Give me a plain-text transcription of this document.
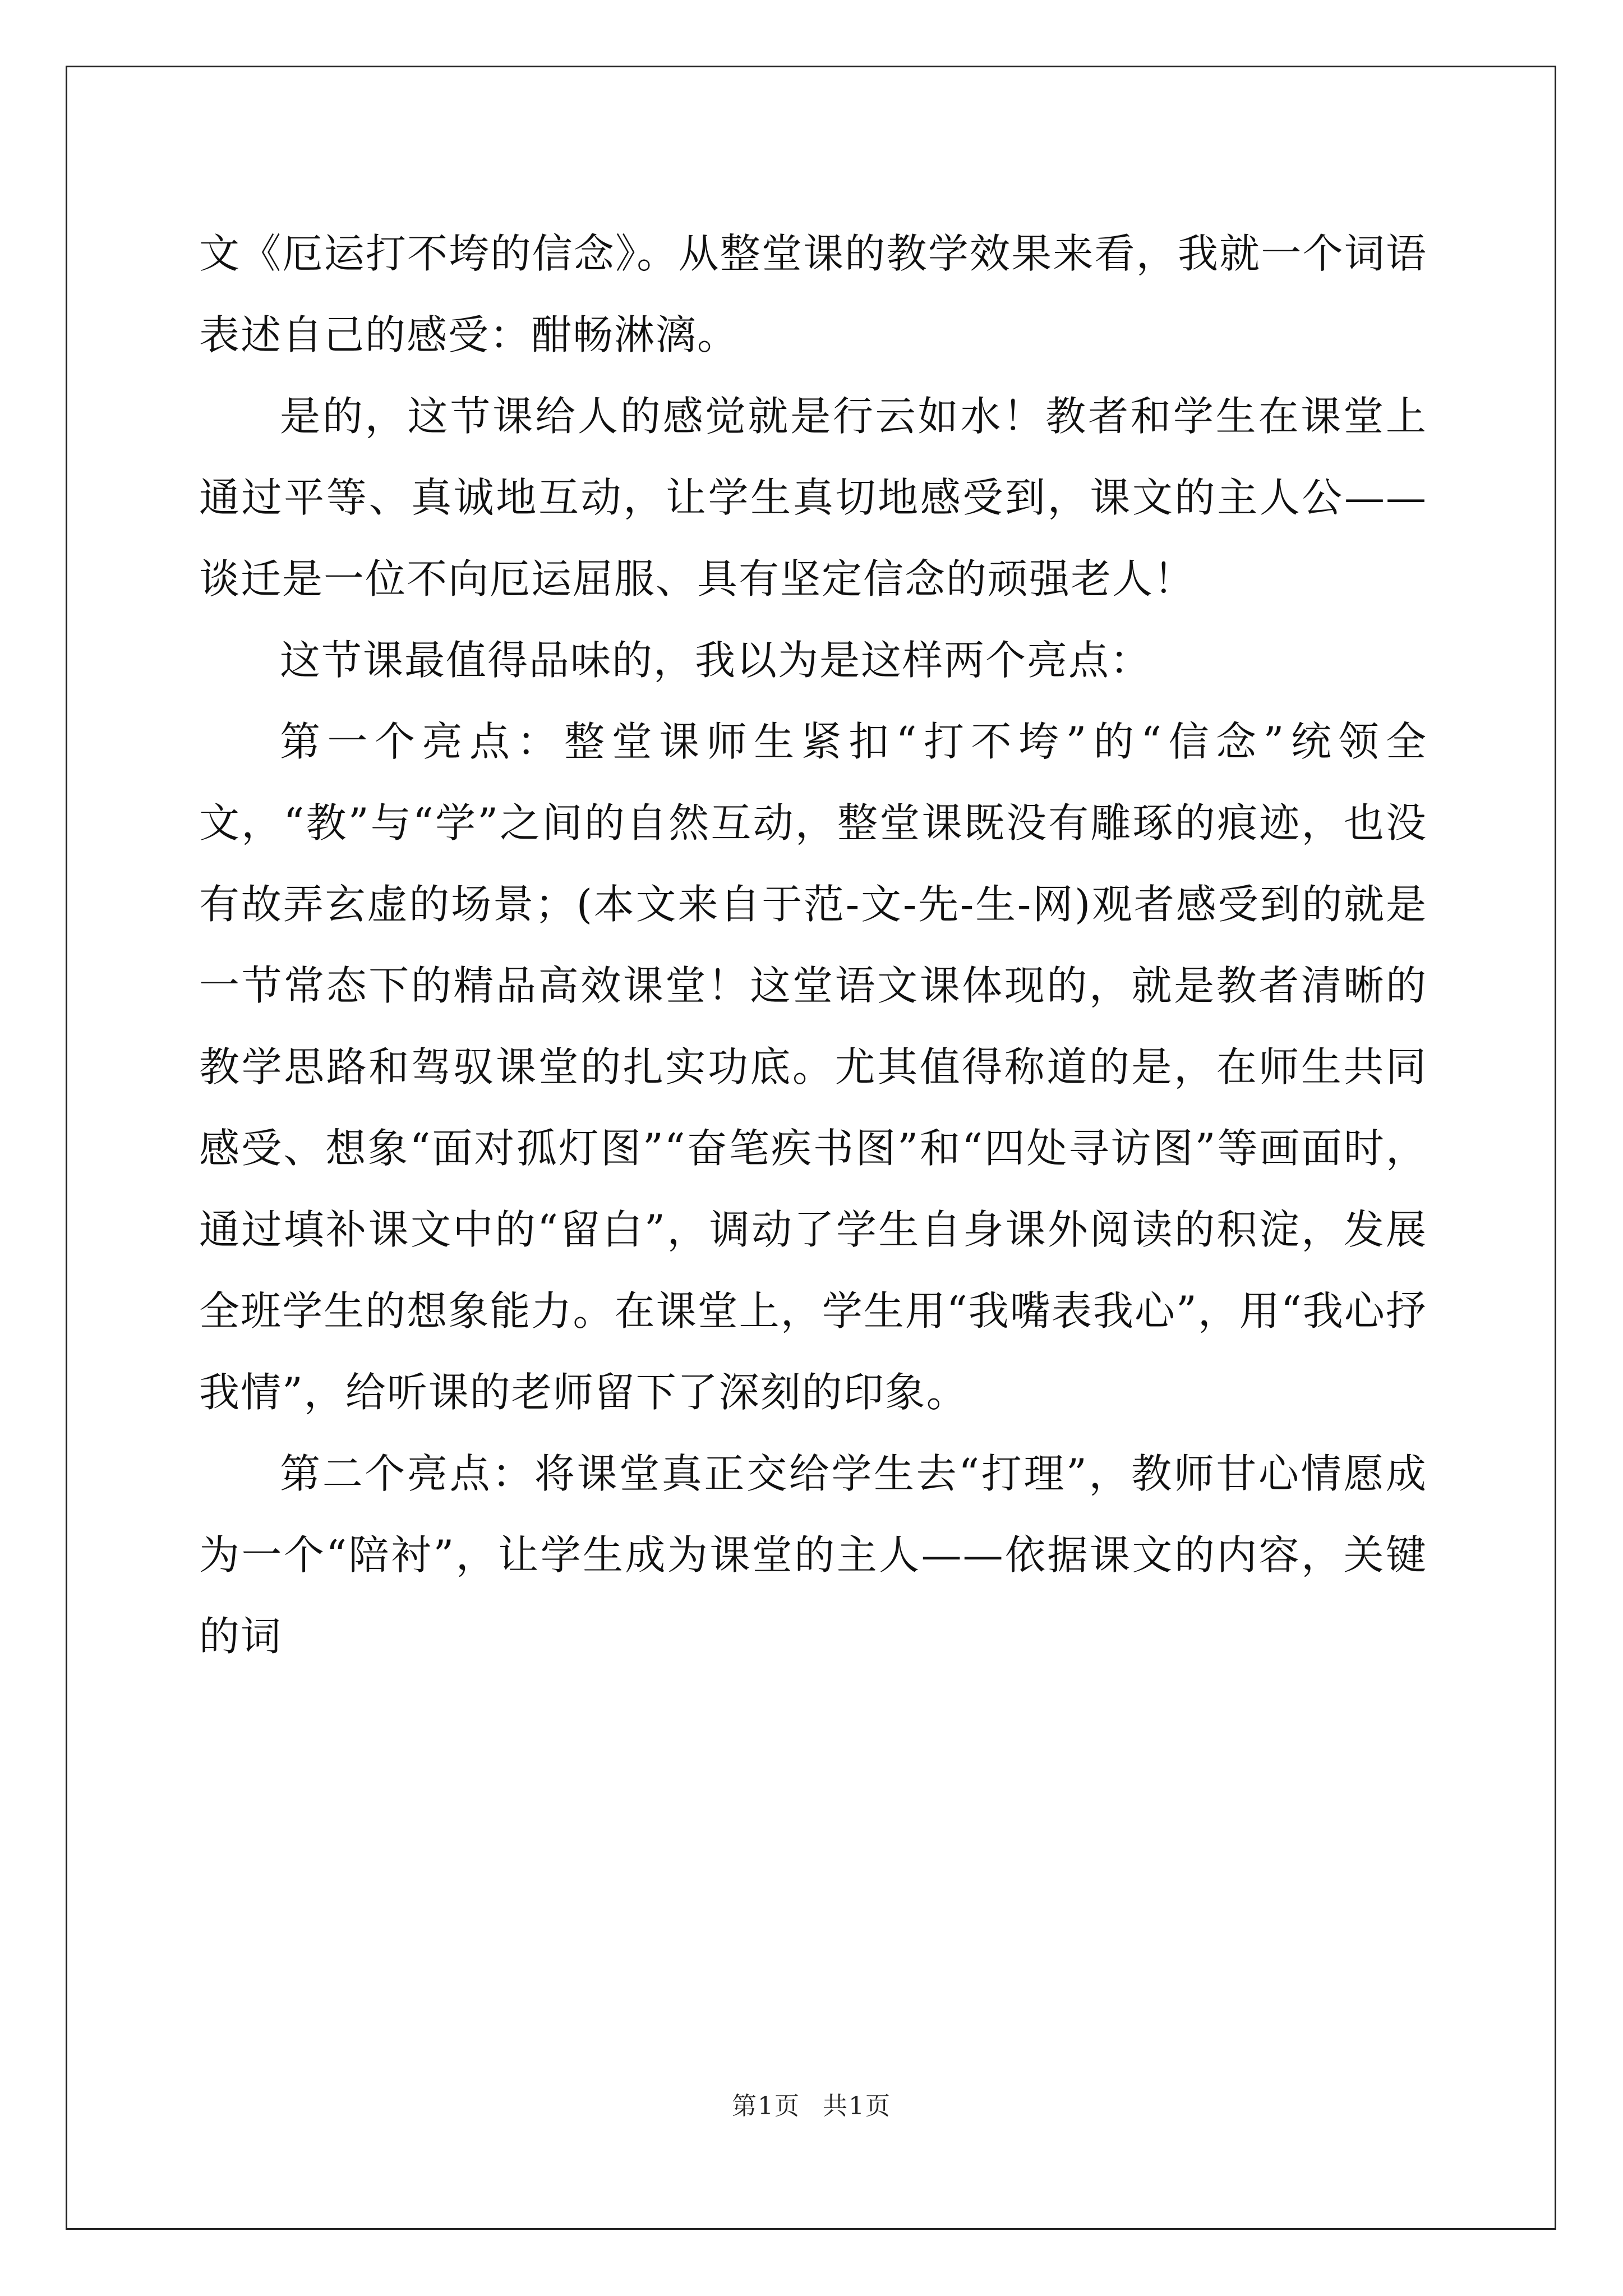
文《厄运打不垮的信念》。从整堂课的教学效果来看，我就一个词语表述自己的感受：酣畅淋漓。

是的，这节课给人的感觉就是行云如水！教者和学生在课堂上通过平等、真诚地互动，让学生真切地感受到，课文的主人公——谈迁是一位不向厄运屈服、具有坚定信念的顽强老人！

这节课最值得品味的，我以为是这样两个亮点：

第一个亮点：整堂课师生紧扣“打不垮”的“信念”统领全文，“教”与“学”之间的自然互动，整堂课既没有雕琢的痕迹，也没有故弄玄虚的场景；(本文来自于范-文-先-生-网)观者感受到的就是一节常态下的精品高效课堂！这堂语文课体现的，就是教者清晰的教学思路和驾驭课堂的扎实功底。尤其值得称道的是，在师生共同感受、想象“面对孤灯图”“奋笔疾书图”和“四处寻访图”等画面时，通过填补课文中的“留白”，调动了学生自身课外阅读的积淀，发展全班学生的想象能力。在课堂上，学生用“我嘴表我心”，用“我心抒我情”，给听课的老师留下了深刻的印象。

第二个亮点：将课堂真正交给学生去“打理”，教师甘心情愿成为一个“陪衬”，让学生成为课堂的主人——依据课文的内容，关键的词

第1页 共1页
